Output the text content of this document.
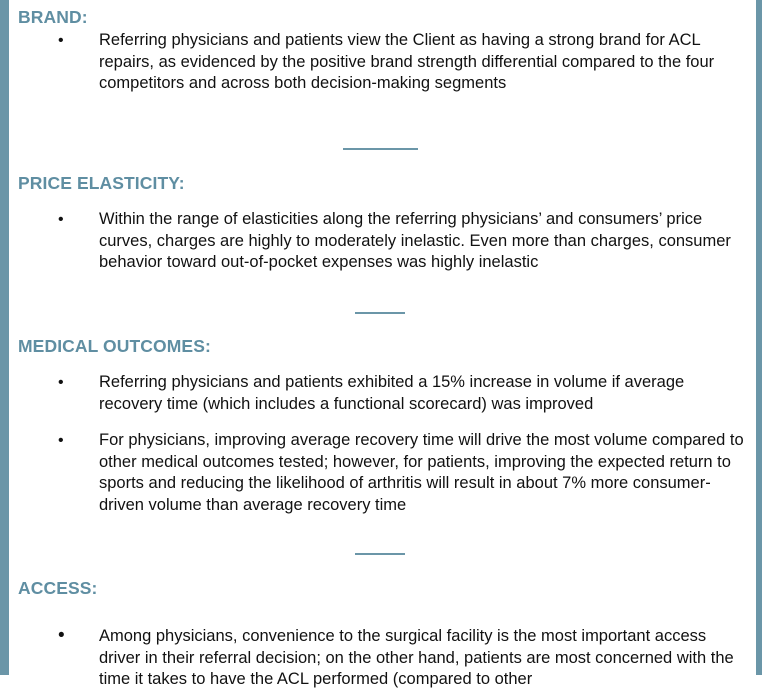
BRAND:
• Referring physicians and patients view the Client as having a strong brand for ACL repairs, as evidenced by the positive brand strength differential compared to the four competitors and across both decision-making segments

PRICE ELASTICITY:
• Within the range of elasticities along the referring physicians’ and consumers’ price curves, charges are highly to moderately inelastic. Even more than charges, consumer behavior toward out-of-pocket expenses was highly inelastic

MEDICAL OUTCOMES:
• Referring physicians and patients exhibited a 15% increase in volume if average recovery time (which includes a functional scorecard) was improved

• For physicians, improving average recovery time will drive the most volume compared to other medical outcomes tested; however, for patients, improving the expected return to sports and reducing the likelihood of arthritis will result in about 7% more consumer-driven volume than average recovery time

ACCESS:
• Among physicians, convenience to the surgical facility is the most important access driver in their referral decision; on the other hand, patients are most concerned with the time it takes to have the ACL performed (compared to other
